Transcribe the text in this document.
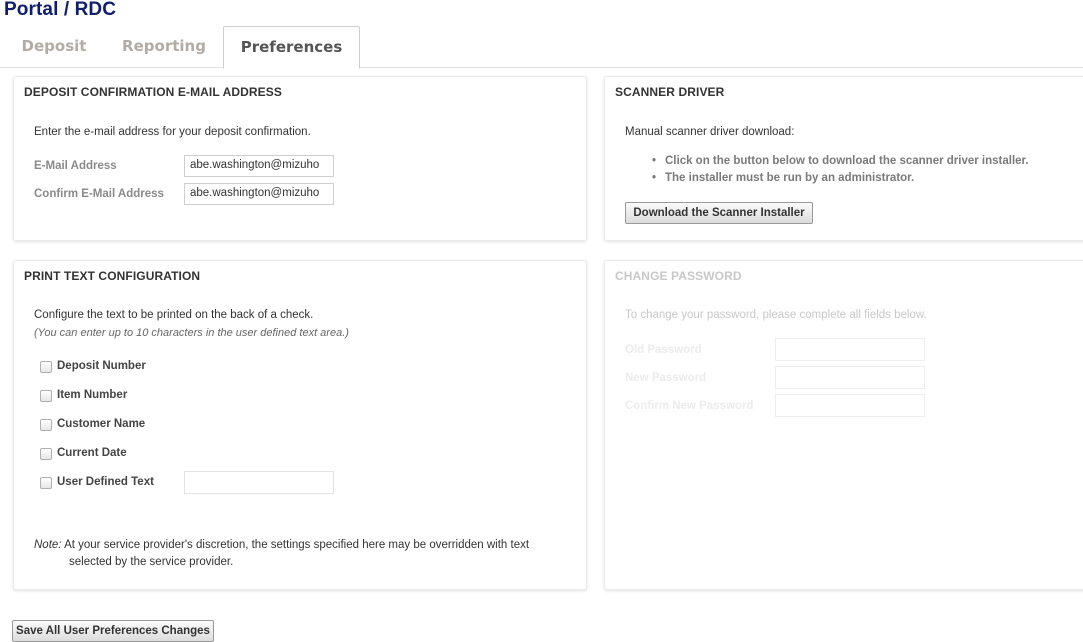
Portal / RDC
Deposit	Reporting	Preferences
DEPOSIT CONFIRMATION E-MAIL ADDRESS
Enter the e-mail address for your deposit confirmation.
E-Mail Address	abe.washington@mizuho
Confirm E-Mail Address	abe.washington@mizuho
SCANNER DRIVER
Manual scanner driver download:
• Click on the button below to download the scanner driver installer.
• The installer must be run by an administrator.
Download the Scanner Installer
PRINT TEXT CONFIGURATION
Configure the text to be printed on the back of a check.
(You can enter up to 10 characters in the user defined text area.)
Deposit Number
Item Number
Customer Name
Current Date
User Defined Text
Note: At your service provider's discretion, the settings specified here may be overridden with text
selected by the service provider.
CHANGE PASSWORD
To change your password, please complete all fields below.
Old Password
New Password
Confirm New Password
Save All User Preferences Changes
